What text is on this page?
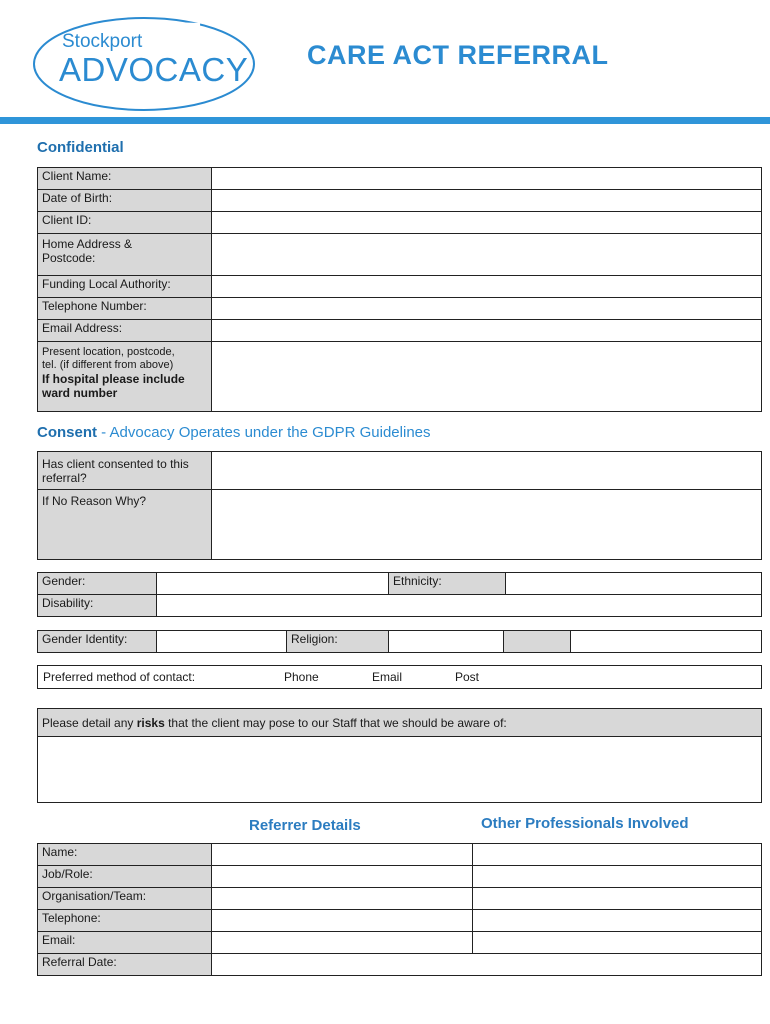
Stockport
ADVOCACY CARE ACT REFERRAL
Confidential
Client Name:	
Date of Birth:	
Client ID:	
Home Address & Postcode:	
Funding Local Authority:	
Telephone Number:	
Email Address:	

Present location, postcode,
tel. (if different from above)
If hospital please include ward number	

Consent - Advocacy Operates under the GDPR Guidelines
Has client consented to this referral?	
If No Reason Why?	
Gender:		Ethnicity:	
Disability:			
Gender Identity:		Religion:			
Preferred method of contact:	Phone	Email	Post
Please detail any risks that the client may pose to our Staff that we should be aware of:

Referrer Details	Other Professionals Involved
Name:		
Job/Role:		
Organisation/Team:		
Telephone:		
Email:		
Referral Date:		
